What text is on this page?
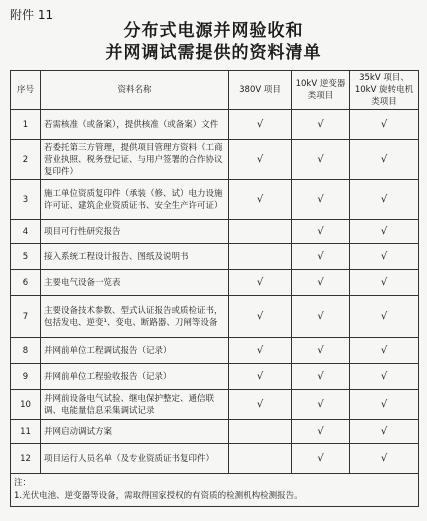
附件 11
分布式电源并网验收和
并网调试需提供的资料清单
序号	资料名称	380V 项目	10kV 逆变器类项目	35kV 项目、10kV 旋转电机类项目
1	若需核准（或备案），提供核准（或备案）文件	√	√	√
2	若委托第三方管理，提供项目管理方资料（工商营业执照、税务登记证、与用户签署的合作协议复印件）	√	√	√
3	施工单位资质复印件（承装（修、试）电力设施许可证、建筑企业资质证书、安全生产许可证）	√	√	√
4	项目可行性研究报告		√	√
5	接入系统工程设计报告、图纸及说明书		√	√
6	主要电气设备一览表	√	√	√
7	主要设备技术参数、型式认证报告或质检证书，包括发电、逆变¹、变电、断路器、刀闸等设备	√	√	√
8	并网前单位工程调试报告（记录）	√	√	√
9	并网前单位工程验收报告（记录）	√	√	√
10	并网前设备电气试验、继电保护整定、通信联调、电能量信息采集调试记录	√	√	√
11	并网启动调试方案		√	√
12	项目运行人员名单（及专业资质证书复印件）		√	√

注：
1.光伏电池、逆变器等设备，需取得国家授权的有资质的检测机构检测报告。				
